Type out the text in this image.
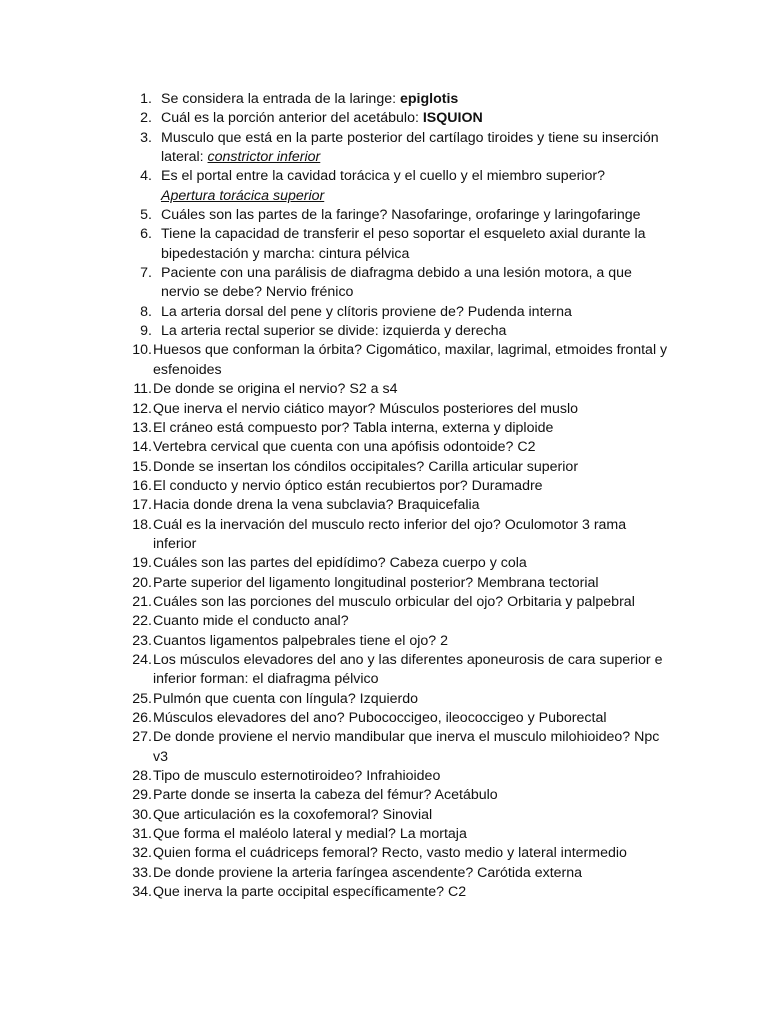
1. Se considera la entrada de la laringe: epiglotis
2. Cuál es la porción anterior del acetábulo: ISQUION
3. Musculo que está en la parte posterior del cartílago tiroides y tiene su inserción lateral: constrictor inferior
4. Es el portal entre la cavidad torácica y el cuello y el miembro superior?
Apertura torácica superior
5. Cuáles son las partes de la faringe? Nasofaringe, orofaringe y laringofaringe
6. Tiene la capacidad de transferir el peso soportar el esqueleto axial durante la bipedestación y marcha: cintura pélvica
7. Paciente con una parálisis de diafragma debido a una lesión motora, a que nervio se debe? Nervio frénico
8. La arteria dorsal del pene y clítoris proviene de? Pudenda interna
9. La arteria rectal superior se divide: izquierda y derecha
10. Huesos que conforman la órbita? Cigomático, maxilar, lagrimal, etmoides frontal y esfenoides
11. De donde se origina el nervio? S2 a s4
12. Que inerva el nervio ciático mayor? Músculos posteriores del muslo
13. El cráneo está compuesto por? Tabla interna, externa y diploide
14. Vertebra cervical que cuenta con una apófisis odontoide? C2
15. Donde se insertan los cóndilos occipitales? Carilla articular superior
16. El conducto y nervio óptico están recubiertos por? Duramadre
17. Hacia donde drena la vena subclavia? Braquicefalia
18. Cuál es la inervación del musculo recto inferior del ojo? Oculomotor 3 rama inferior
19. Cuáles son las partes del epidídimo? Cabeza cuerpo y cola
20. Parte superior del ligamento longitudinal posterior? Membrana tectorial
21. Cuáles son las porciones del musculo orbicular del ojo? Orbitaria y palpebral
22. Cuanto mide el conducto anal?
23. Cuantos ligamentos palpebrales tiene el ojo? 2
24. Los músculos elevadores del ano y las diferentes aponeurosis de cara superior e inferior forman: el diafragma pélvico
25. Pulmón que cuenta con língula? Izquierdo
26. Músculos elevadores del ano? Pubococcigeo, ileococcigeo y Puborectal
27. De donde proviene el nervio mandibular que inerva el musculo milohioideo? Npc v3
28. Tipo de musculo esternotiroideo? Infrahioideo
29. Parte donde se inserta la cabeza del fémur? Acetábulo
30. Que articulación es la coxofemoral? Sinovial
31. Que forma el maléolo lateral y medial? La mortaja
32. Quien forma el cuádriceps femoral? Recto, vasto medio y lateral intermedio
33. De donde proviene la arteria faríngea ascendente? Carótida externa
34. Que inerva la parte occipital específicamente? C2
